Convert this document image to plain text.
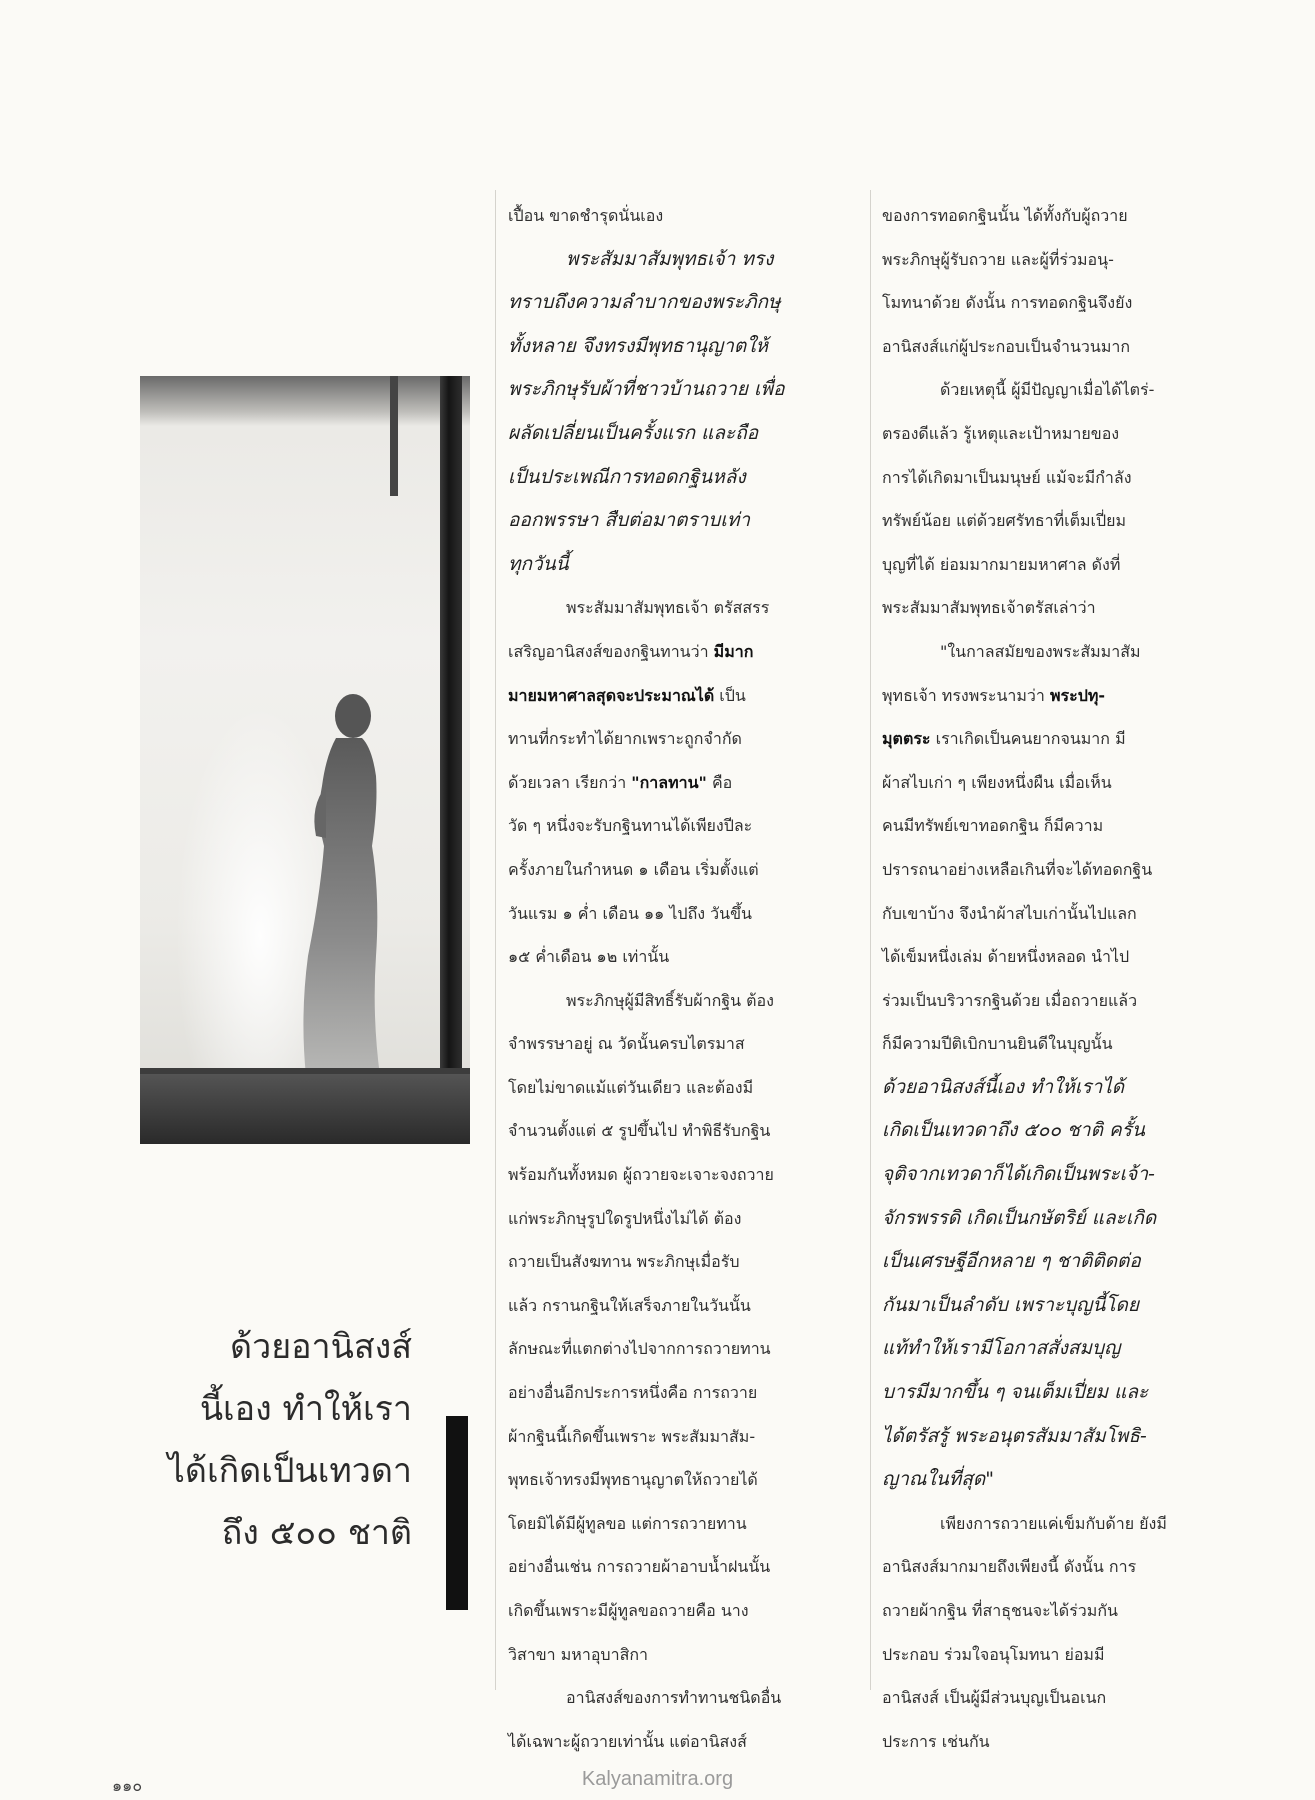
ด้วยอานิสงส์
นี้เอง ทำให้เรา
ได้เกิดเป็นเทวดา
ถึง ๕๐๐ ชาติ
เปื้อน ขาดชำรุดนั่นเอง
พระสัมมาสัมพุทธเจ้า ทรง
ทราบถึงความลำบากของพระภิกษุ
ทั้งหลาย จึงทรงมีพุทธานุญาตให้
พระภิกษุรับผ้าที่ชาวบ้านถวาย เพื่อ
ผลัดเปลี่ยนเป็นครั้งแรก และถือ
เป็นประเพณีการทอดกฐินหลัง
ออกพรรษา สืบต่อมาตราบเท่า
ทุกวันนี้
พระสัมมาสัมพุทธเจ้า ตรัสสรร
เสริญอานิสงส์ของกฐินทานว่า มีมาก
มายมหาศาลสุดจะประมาณได้ เป็น
ทานที่กระทำได้ยากเพราะถูกจำกัด
ด้วยเวลา เรียกว่า "กาลทาน" คือ
วัด ๆ หนึ่งจะรับกฐินทานได้เพียงปีละ
ครั้งภายในกำหนด ๑ เดือน เริ่มตั้งแต่
วันแรม ๑ ค่ำ เดือน ๑๑ ไปถึง วันขึ้น
๑๕ ค่ำเดือน ๑๒ เท่านั้น
พระภิกษุผู้มีสิทธิ์รับผ้ากฐิน ต้อง
จำพรรษาอยู่ ณ วัดนั้นครบไตรมาส
โดยไม่ขาดแม้แต่วันเดียว และต้องมี
จำนวนตั้งแต่ ๕ รูปขึ้นไป ทำพิธีรับกฐิน
พร้อมกันทั้งหมด ผู้ถวายจะเจาะจงถวาย
แก่พระภิกษุรูปใดรูปหนึ่งไม่ได้ ต้อง
ถวายเป็นสังฆทาน พระภิกษุเมื่อรับ
แล้ว กรานกฐินให้เสร็จภายในวันนั้น
ลักษณะที่แตกต่างไปจากการถวายทาน
อย่างอื่นอีกประการหนึ่งคือ การถวาย
ผ้ากฐินนี้เกิดขึ้นเพราะ พระสัมมาสัม-
พุทธเจ้าทรงมีพุทธานุญาตให้ถวายได้
โดยมิได้มีผู้ทูลขอ แต่การถวายทาน
อย่างอื่นเช่น การถวายผ้าอาบน้ำฝนนั้น
เกิดขึ้นเพราะมีผู้ทูลขอถวายคือ นาง
วิสาขา มหาอุบาสิกา
อานิสงส์ของการทำทานชนิดอื่น
ได้เฉพาะผู้ถวายเท่านั้น แต่อานิสงส์
ของการทอดกฐินนั้น ได้ทั้งกับผู้ถวาย
พระภิกษุผู้รับถวาย และผู้ที่ร่วมอนุ-
โมทนาด้วย ดังนั้น การทอดกฐินจึงยัง
อานิสงส์แก่ผู้ประกอบเป็นจำนวนมาก
ด้วยเหตุนี้ ผู้มีปัญญาเมื่อได้ไตร่-
ตรองดีแล้ว รู้เหตุและเป้าหมายของ
การได้เกิดมาเป็นมนุษย์ แม้จะมีกำลัง
ทรัพย์น้อย แต่ด้วยศรัทธาที่เต็มเปี่ยม
บุญที่ได้ ย่อมมากมายมหาศาล ดังที่
พระสัมมาสัมพุทธเจ้าตรัสเล่าว่า
"ในกาลสมัยของพระสัมมาสัม
พุทธเจ้า ทรงพระนามว่า พระปทุ-
มุตตระ เราเกิดเป็นคนยากจนมาก มี
ผ้าสไบเก่า ๆ เพียงหนึ่งผืน เมื่อเห็น
คนมีทรัพย์เขาทอดกฐิน ก็มีความ
ปรารถนาอย่างเหลือเกินที่จะได้ทอดกฐิน
กับเขาบ้าง จึงนำผ้าสไบเก่านั้นไปแลก
ได้เข็มหนึ่งเล่ม ด้ายหนึ่งหลอด นำไป
ร่วมเป็นบริวารกฐินด้วย เมื่อถวายแล้ว
ก็มีความปีติเบิกบานยินดีในบุญนั้น
ด้วยอานิสงส์นี้เอง ทำให้เราได้
เกิดเป็นเทวดาถึง ๕๐๐ ชาติ ครั้น
จุติจากเทวดาก็ได้เกิดเป็นพระเจ้า-
จักรพรรดิ เกิดเป็นกษัตริย์ และเกิด
เป็นเศรษฐีอีกหลาย ๆ ชาติติดต่อ
กันมาเป็นลำดับ เพราะบุญนี้โดย
แท้ทำให้เรามีโอกาสสั่งสมบุญ
บารมีมากขึ้น ๆ จนเต็มเปี่ยม และ
ได้ตรัสรู้ พระอนุตรสัมมาสัมโพธิ-
ญาณในที่สุด"
เพียงการถวายแค่เข็มกับด้าย ยังมี
อานิสงส์มากมายถึงเพียงนี้ ดังนั้น การ
ถวายผ้ากฐิน ที่สาธุชนจะได้ร่วมกัน
ประกอบ ร่วมใจอนุโมทนา ย่อมมี
อานิสงส์ เป็นผู้มีส่วนบุญเป็นอเนก
ประการ เช่นกัน
๑๑๐	Kalyanamitra.org
